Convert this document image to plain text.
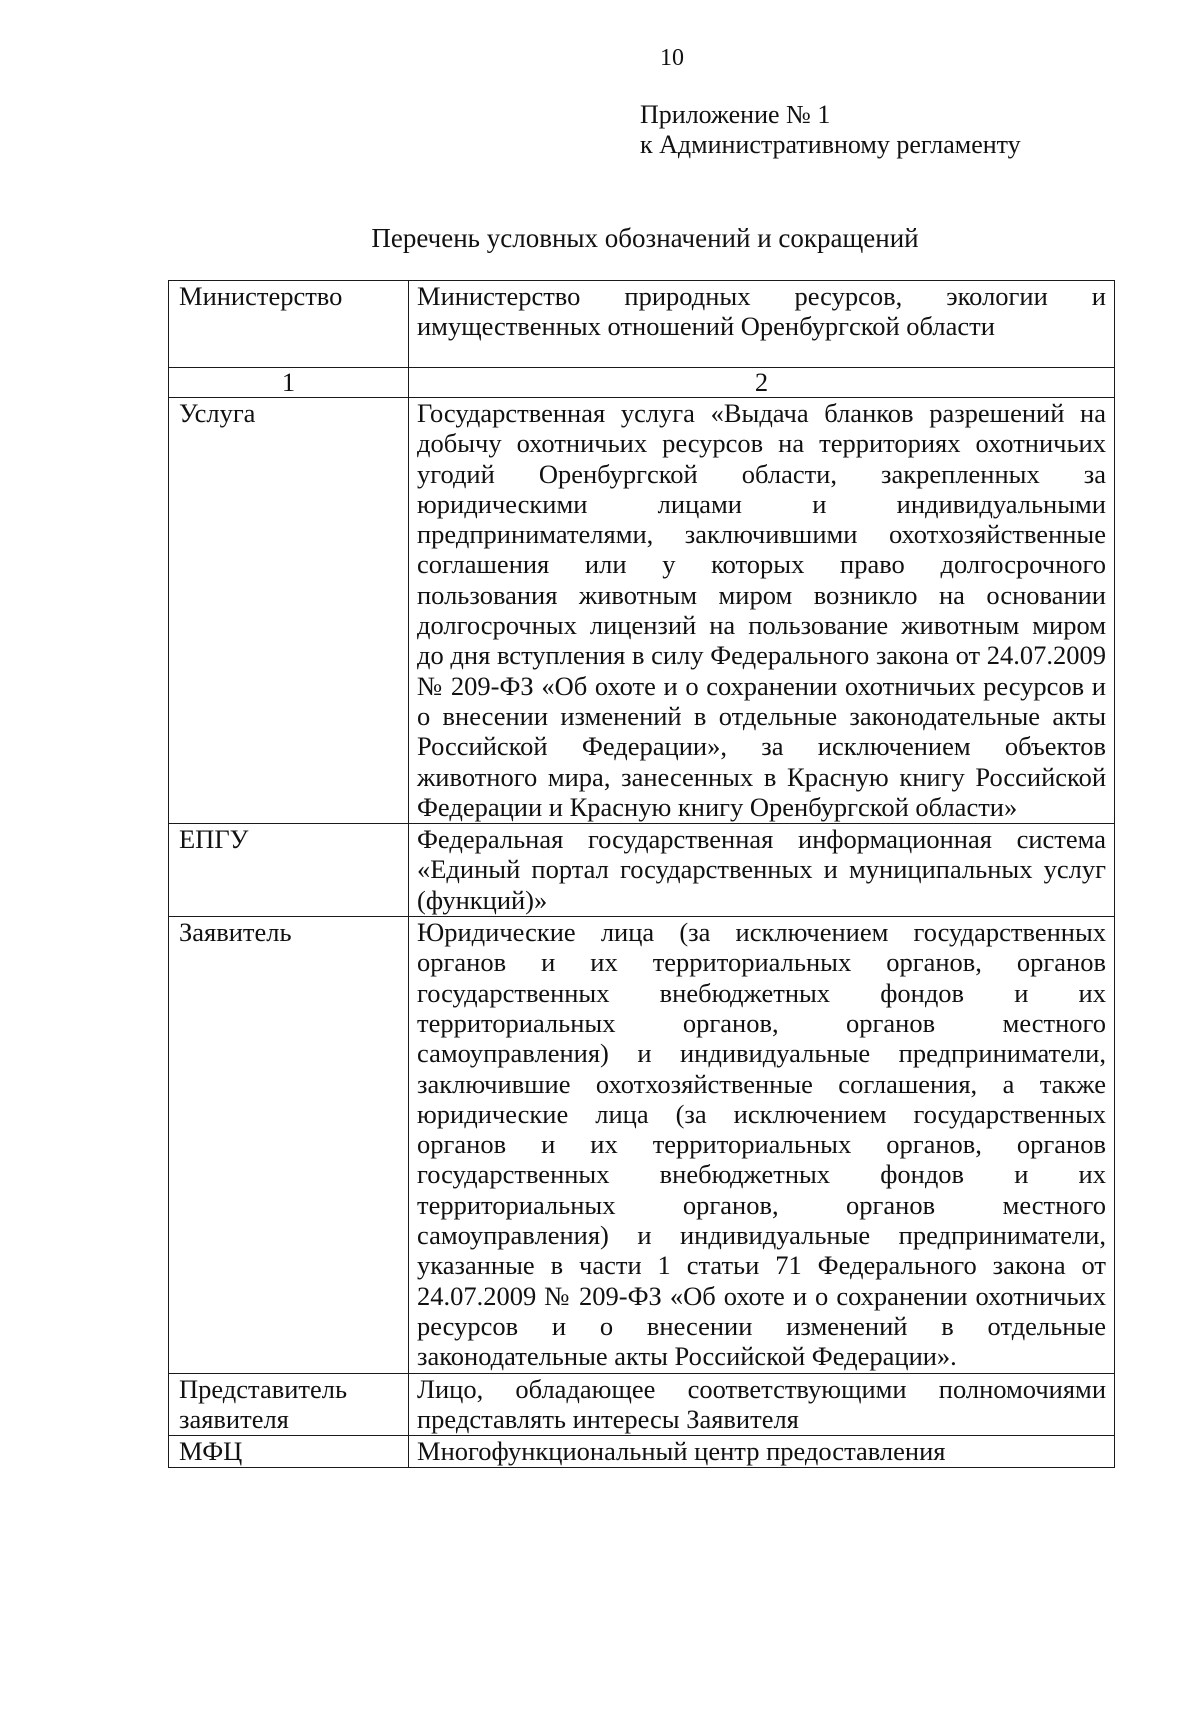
10
Приложение № 1
к Административному регламенту
Перечень условных обозначений и сокращений
Министерство	Министерство природных ресурсов, экологии и имущественных отношений Оренбургской области
1	2
Услуга	Государственная услуга «Выдача бланков разрешений на добычу охотничьих ресурсов на территориях охотничьих угодий Оренбургской области, закрепленных за юридическими лицами и индивидуальными предпринимателями, заключившими охотхозяйственные соглашения или у которых право долгосрочного пользования животным миром возникло на основании долгосрочных лицензий на пользование животным миром до дня вступления в силу Федерального закона от 24.07.2009 № 209-ФЗ «Об охоте и о сохранении охотничьих ресурсов и о внесении изменений в отдельные законодательные акты Российской Федерации», за исключением объектов животного мира, занесенных в Красную книгу Российской Федерации и Красную книгу Оренбургской области»
ЕПГУ	Федеральная государственная информационная система «Единый портал государственных и муниципальных услуг (функций)»
Заявитель	Юридические лица (за исключением государственных органов и их территориальных органов, органов государственных внебюджетных фондов и их территориальных органов, органов местного самоуправления) и индивидуальные предприниматели, заключившие охотхозяйственные соглашения, а также юридические лица (за исключением государственных органов и их территориальных органов, органов государственных внебюджетных фондов и их территориальных органов, органов местного самоуправления) и индивидуальные предприниматели, указанные в части 1 статьи 71 Федерального закона от 24.07.2009 № 209-ФЗ «Об охоте и о сохранении охотничьих ресурсов и о внесении изменений в отдельные законодательные акты Российской Федерации».
Представитель заявителя	Лицо, обладающее соответствующими полномочиями представлять интересы Заявителя
МФЦ	Многофункциональный центр предоставления
